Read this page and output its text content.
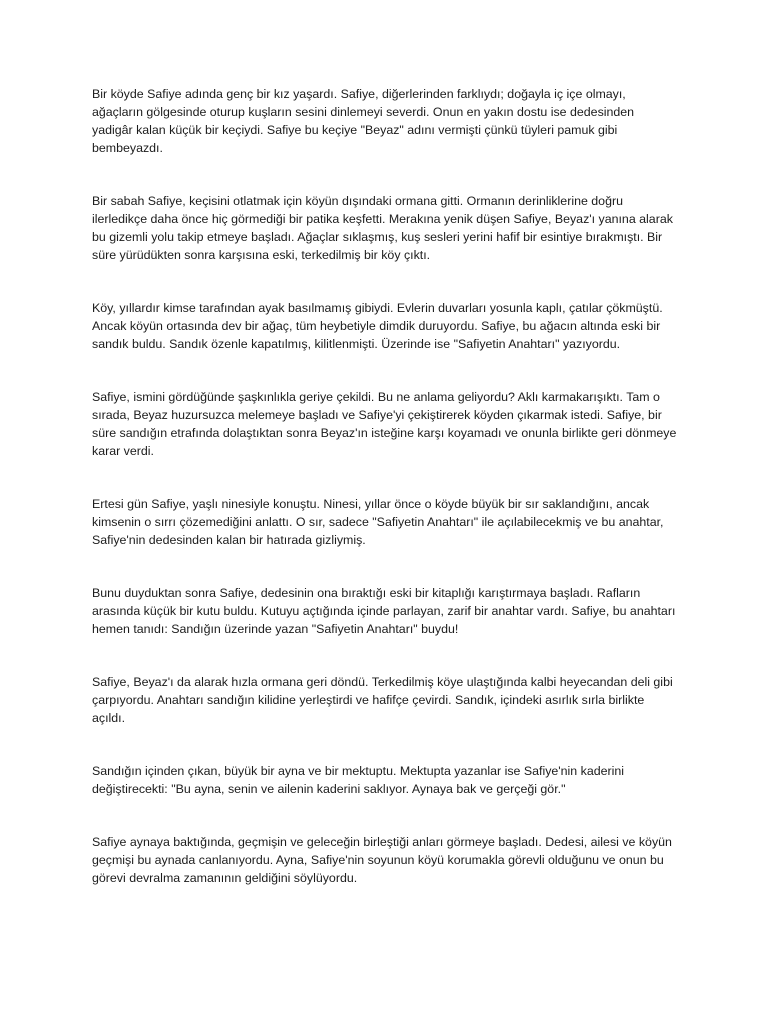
Bir köyde Safiye adında genç bir kız yaşardı. Safiye, diğerlerinden farklıydı; doğayla iç içe olmayı, ağaçların gölgesinde oturup kuşların sesini dinlemeyi severdi. Onun en yakın dostu ise dedesinden yadigâr kalan küçük bir keçiydi. Safiye bu keçiye "Beyaz" adını vermişti çünkü tüyleri pamuk gibi bembeyazdı.

Bir sabah Safiye, keçisini otlatmak için köyün dışındaki ormana gitti. Ormanın derinliklerine doğru ilerledikçe daha önce hiç görmediği bir patika keşfetti. Merakına yenik düşen Safiye, Beyaz'ı yanına alarak bu gizemli yolu takip etmeye başladı. Ağaçlar sıklaşmış, kuş sesleri yerini hafif bir esintiye bırakmıştı. Bir süre yürüdükten sonra karşısına eski, terkedilmiş bir köy çıktı.

Köy, yıllardır kimse tarafından ayak basılmamış gibiydi. Evlerin duvarları yosunla kaplı, çatılar çökmüştü. Ancak köyün ortasında dev bir ağaç, tüm heybetiyle dimdik duruyordu. Safiye, bu ağacın altında eski bir sandık buldu. Sandık özenle kapatılmış, kilitlenmişti. Üzerinde ise "Safiyetin Anahtarı" yazıyordu.

Safiye, ismini gördüğünde şaşkınlıkla geriye çekildi. Bu ne anlama geliyordu? Aklı karmakarışıktı. Tam o sırada, Beyaz huzursuzca melemeye başladı ve Safiye'yi çekiştirerek köyden çıkarmak istedi. Safiye, bir süre sandığın etrafında dolaştıktan sonra Beyaz'ın isteğine karşı koyamadı ve onunla birlikte geri dönmeye karar verdi.

Ertesi gün Safiye, yaşlı ninesiyle konuştu. Ninesi, yıllar önce o köyde büyük bir sır saklandığını, ancak kimsenin o sırrı çözemediğini anlattı. O sır, sadece "Safiyetin Anahtarı" ile açılabilecekmiş ve bu anahtar, Safiye'nin dedesinden kalan bir hatırada gizliymiş.

Bunu duyduktan sonra Safiye, dedesinin ona bıraktığı eski bir kitaplığı karıştırmaya başladı. Rafların arasında küçük bir kutu buldu. Kutuyu açtığında içinde parlayan, zarif bir anahtar vardı. Safiye, bu anahtarı hemen tanıdı: Sandığın üzerinde yazan "Safiyetin Anahtarı" buydu!

Safiye, Beyaz'ı da alarak hızla ormana geri döndü. Terkedilmiş köye ulaştığında kalbi heyecandan deli gibi çarpıyordu. Anahtarı sandığın kilidine yerleştirdi ve hafifçe çevirdi. Sandık, içindeki asırlık sırla birlikte açıldı.

Sandığın içinden çıkan, büyük bir ayna ve bir mektuptu. Mektupta yazanlar ise Safiye'nin kaderini değiştirecekti: "Bu ayna, senin ve ailenin kaderini saklıyor. Aynaya bak ve gerçeği gör."

Safiye aynaya baktığında, geçmişin ve geleceğin birleştiği anları görmeye başladı. Dedesi, ailesi ve köyün geçmişi bu aynada canlanıyordu. Ayna, Safiye'nin soyunun köyü korumakla görevli olduğunu ve onun bu görevi devralma zamanının geldiğini söylüyordu.
